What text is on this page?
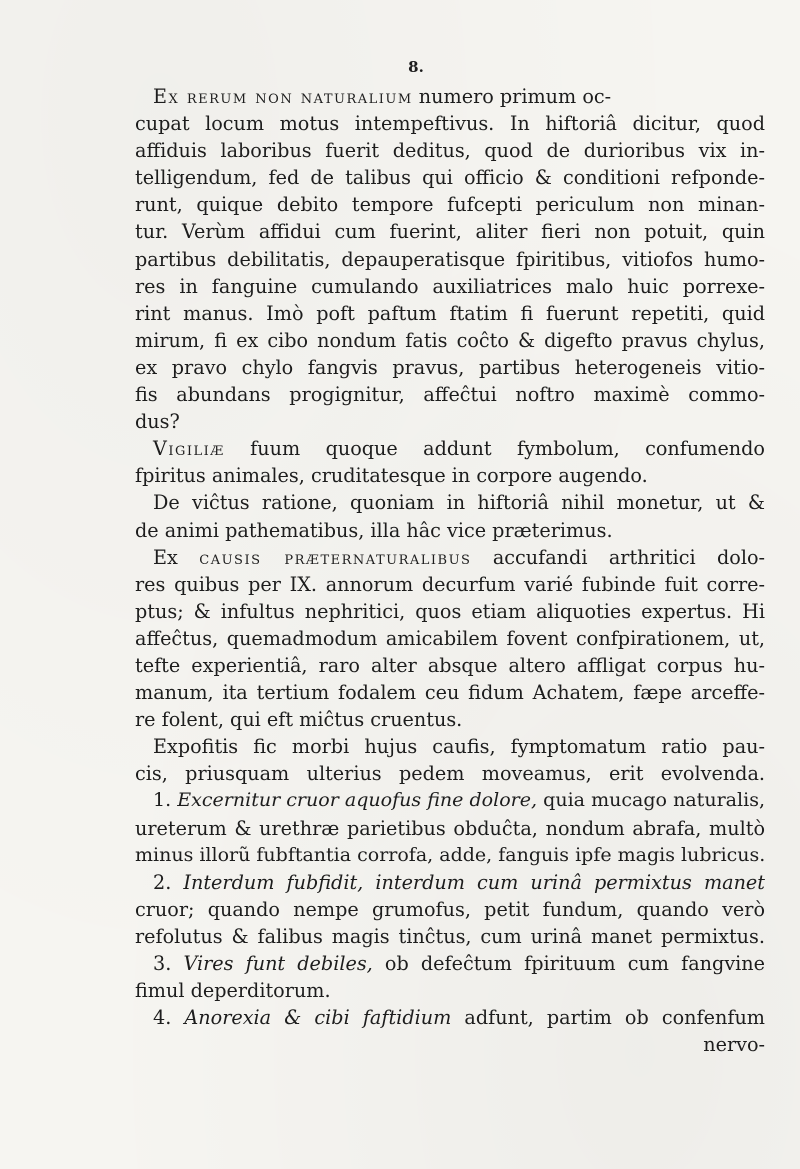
8.
Ex rerum non naturalium numero primum oc-
cupat locum motus intempeftivus. In hiftoriâ dicitur, quod
affiduis laboribus fuerit deditus, quod de durioribus vix in-
telligendum, fed de talibus qui officio & conditioni refponde-
runt, quique debito tempore fufcepti periculum non minan-
tur. Verùm affidui cum fuerint, aliter fieri non potuit, quin
partibus debilitatis, depauperatisque fpiritibus, vitiofos humo-
res in fanguine cumulando auxiliatrices malo huic porrexe-
rint manus. Imò poft paftum ftatim fi fuerunt repetiti, quid
mirum, fi ex cibo nondum fatis coĉto & digefto pravus chylus,
ex pravo chylo fangvis pravus, partibus heterogeneis vitio-
fis abundans progignitur, affeĉtui noftro maximè commo-
dus?
Vigiliæ fuum quoque addunt fymbolum, confumendo
fpiritus animales, cruditatesque in corpore augendo.
De viĉtus ratione, quoniam in hiftoriâ nihil monetur, ut &
de animi pathematibus, illa hâc vice præterimus.
Ex causis præternaturalibus accufandi arthritici dolo-
res quibus per IX. annorum decurfum varié fubinde fuit corre-
ptus; & infultus nephritici, quos etiam aliquoties expertus. Hi
affeĉtus, quemadmodum amicabilem fovent confpirationem, ut,
tefte experientiâ, raro alter absque altero affligat corpus hu-
manum, ita tertium fodalem ceu fidum Achatem, fæpe arceffe-
re folent, qui eft miĉtus cruentus.
Expofitis fic morbi hujus caufis, fymptomatum ratio pau-
cis, priusquam ulterius pedem moveamus, erit evolvenda.
1. Excernitur cruor aquofus fine dolore, quia mucago naturalis,
ureterum & urethræ parietibus obduĉta, nondum abrafa, multò
minus illorũ fubftantia corrofa, adde, fanguis ipfe magis lubricus.
2. Interdum fubfidit, interdum cum urinâ permixtus manet
cruor; quando nempe grumofus, petit fundum, quando verò
refolutus & falibus magis tinĉtus, cum urinâ manet permixtus.
3. Vires funt debiles, ob defeĉtum fpirituum cum fangvine
fimul deperditorum.
4. Anorexia & cibi faftidium adfunt, partim ob confenfum
nervo-
